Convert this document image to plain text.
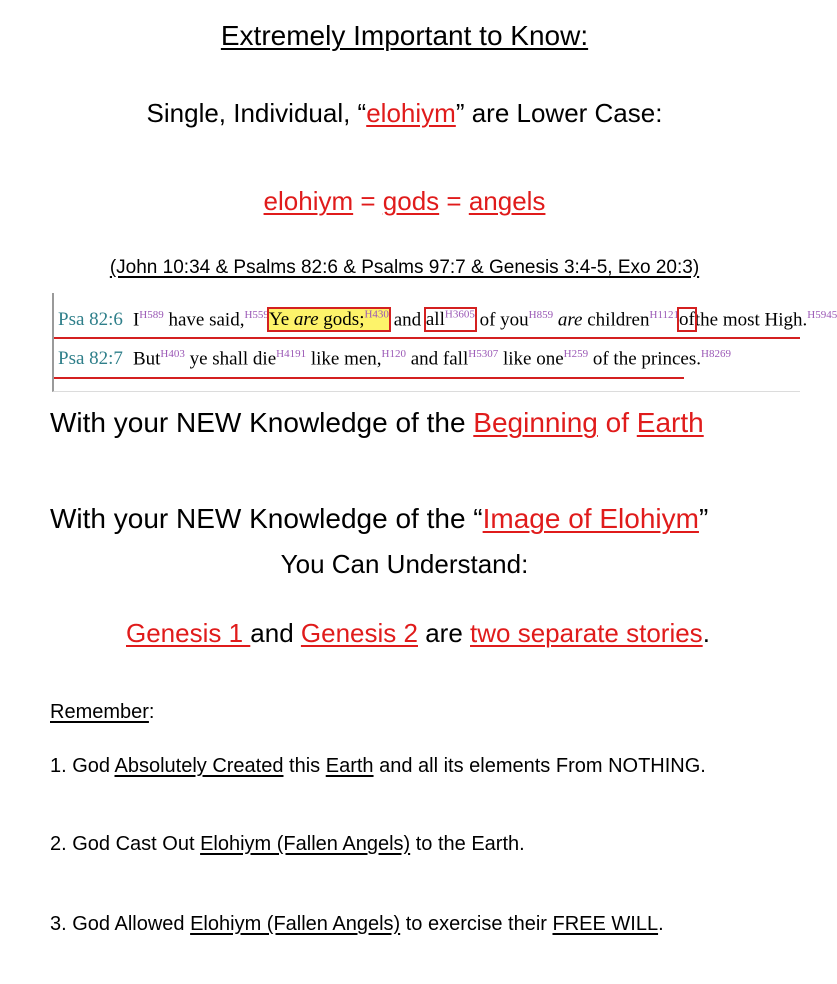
Extremely Important to Know:
Single, Individual, “elohiym” are Lower Case:
elohiym = gods = angels
(John 10:34 & Psalms 82:6 & Psalms 97:7 & Genesis 3:4-5, Exo 20:3)
Psa 82:6 $I^{H589}$ have said,$^{H559}$Ye are gods;$^{H430}$ and all$^{H3605}$ of you$^{H859}$ are children$^{H1121}$ofthe most High.$^{H5945}$
Psa 82:7 But$^{H403}$ ye shall die$^{H4191}$ like men,$^{H120}$ and fall$^{H5307}$ like one$^{H259}$ of the princes.$^{H8269}$
With your NEW Knowledge of the Beginning of Earth
With your NEW Knowledge of the “Image of Elohiym”
You Can Understand:
Genesis 1 and Genesis 2 are two separate stories.
Remember:
1. God Absolutely Created this Earth and all its elements From NOTHING.
2. God Cast Out Elohiym (Fallen Angels) to the Earth.
3. God Allowed Elohiym (Fallen Angels) to exercise their FREE WILL.
